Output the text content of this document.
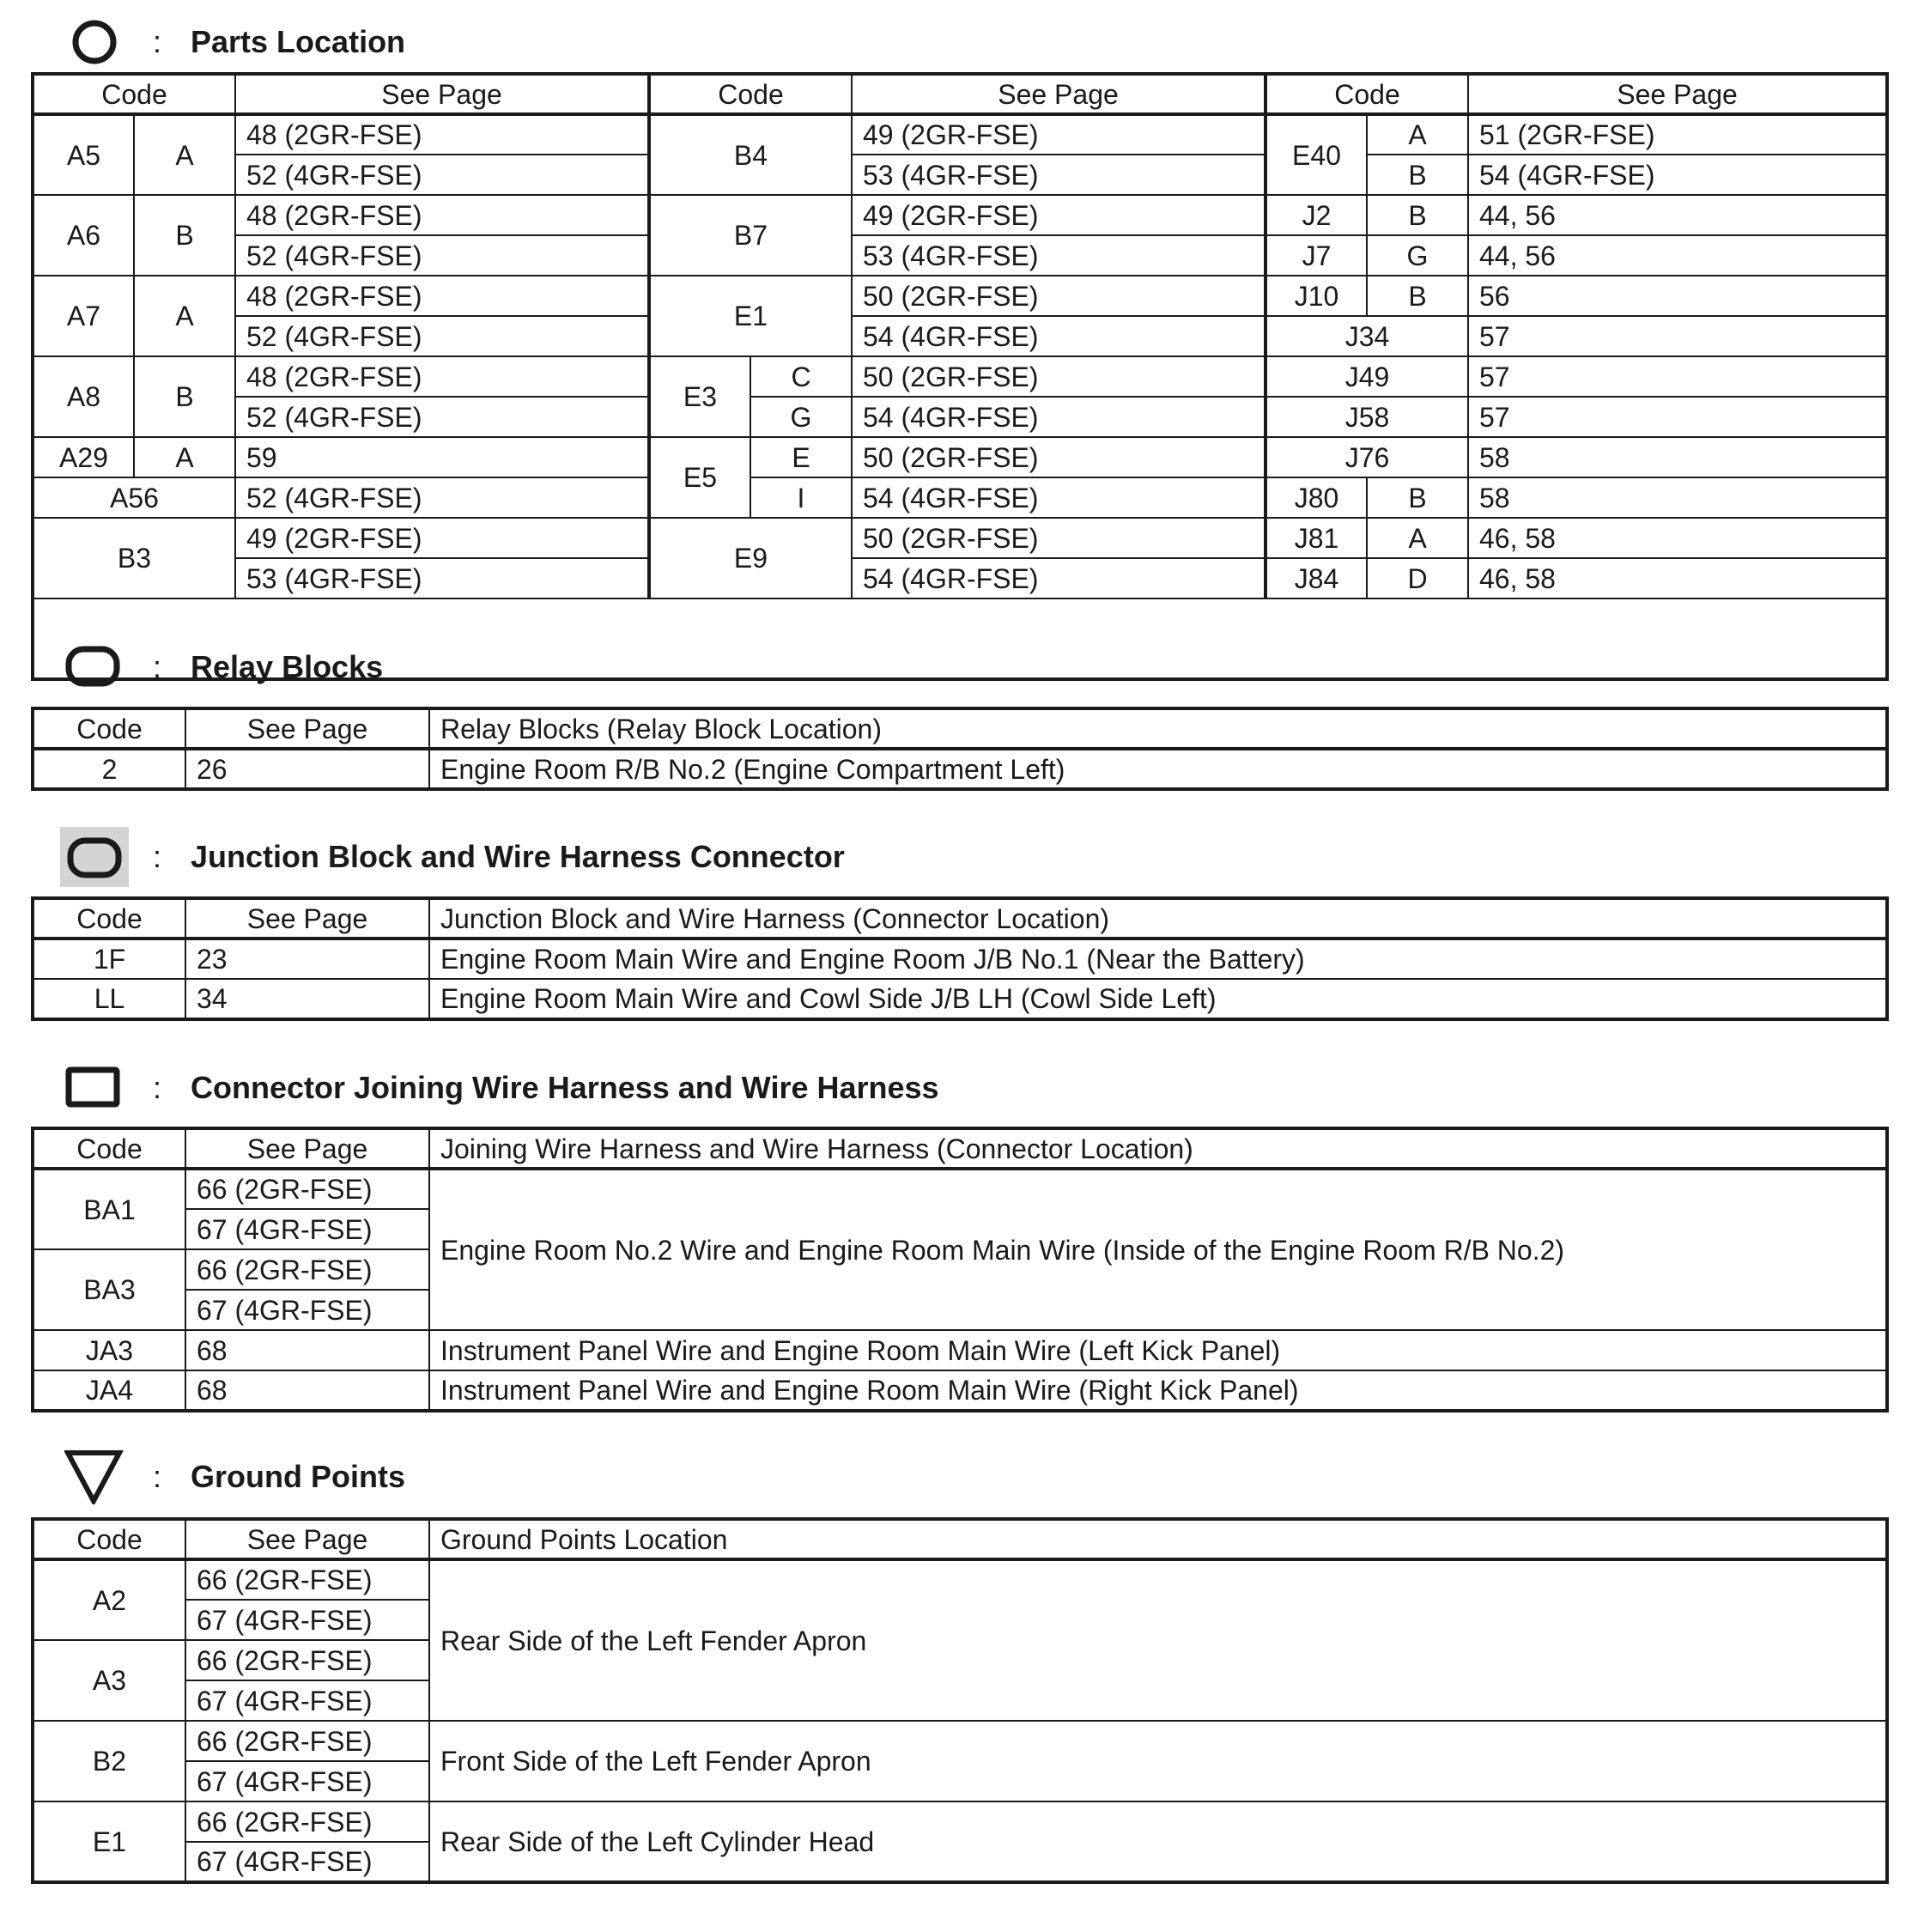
: Parts Location
Code		See Page	Code		See Page	Code		See Page
A5	A	48 (2GR-FSE)	B4		49 (2GR-FSE)	E40	A	51 (2GR-FSE)
		52 (4GR-FSE)			53 (4GR-FSE)		B	54 (4GR-FSE)
A6	B	48 (2GR-FSE)	B7		49 (2GR-FSE)	J2	B	44, 56
		52 (4GR-FSE)			53 (4GR-FSE)	J7	G	44, 56
A7	A	48 (2GR-FSE)	E1		50 (2GR-FSE)	J10	B	56
		52 (4GR-FSE)			54 (4GR-FSE)	J34		57
A8	B	48 (2GR-FSE)	E3	C	50 (2GR-FSE)	J49		57
		52 (4GR-FSE)		G	54 (4GR-FSE)	J58		57
A29	A	59	E5	E	50 (2GR-FSE)	J76		58
A56		52 (4GR-FSE)		I	54 (4GR-FSE)	J80	B	58
B3		49 (2GR-FSE)	E9		50 (2GR-FSE)	J81	A	46, 58
		53 (4GR-FSE)			54 (4GR-FSE)	J84	D	46, 58

: Relay Blocks
Code	See Page	Relay Blocks (Relay Block Location)
2	26	Engine Room R/B No.2 (Engine Compartment Left)
: Junction Block and Wire Harness Connector
Code	See Page	Junction Block and Wire Harness (Connector Location)
1F	23	Engine Room Main Wire and Engine Room J/B No.1 (Near the Battery)
LL	34	Engine Room Main Wire and Cowl Side J/B LH (Cowl Side Left)
: Connector Joining Wire Harness and Wire Harness
Code	See Page	Joining Wire Harness and Wire Harness (Connector Location)
BA1	66 (2GR-FSE)	Engine Room No.2 Wire and Engine Room Main Wire (Inside of the Engine Room R/B No.2)
	67 (4GR-FSE)	
BA3	66 (2GR-FSE)	
	67 (4GR-FSE)	
JA3	68	Instrument Panel Wire and Engine Room Main Wire (Left Kick Panel)
JA4	68	Instrument Panel Wire and Engine Room Main Wire (Right Kick Panel)
: Ground Points
Code	See Page	Ground Points Location
A2	66 (2GR-FSE)	Rear Side of the Left Fender Apron
	67 (4GR-FSE)	
A3	66 (2GR-FSE)	
	67 (4GR-FSE)	
B2	66 (2GR-FSE)	Front Side of the Left Fender Apron
	67 (4GR-FSE)	
E1	66 (2GR-FSE)	Rear Side of the Left Cylinder Head
	67 (4GR-FSE)	
